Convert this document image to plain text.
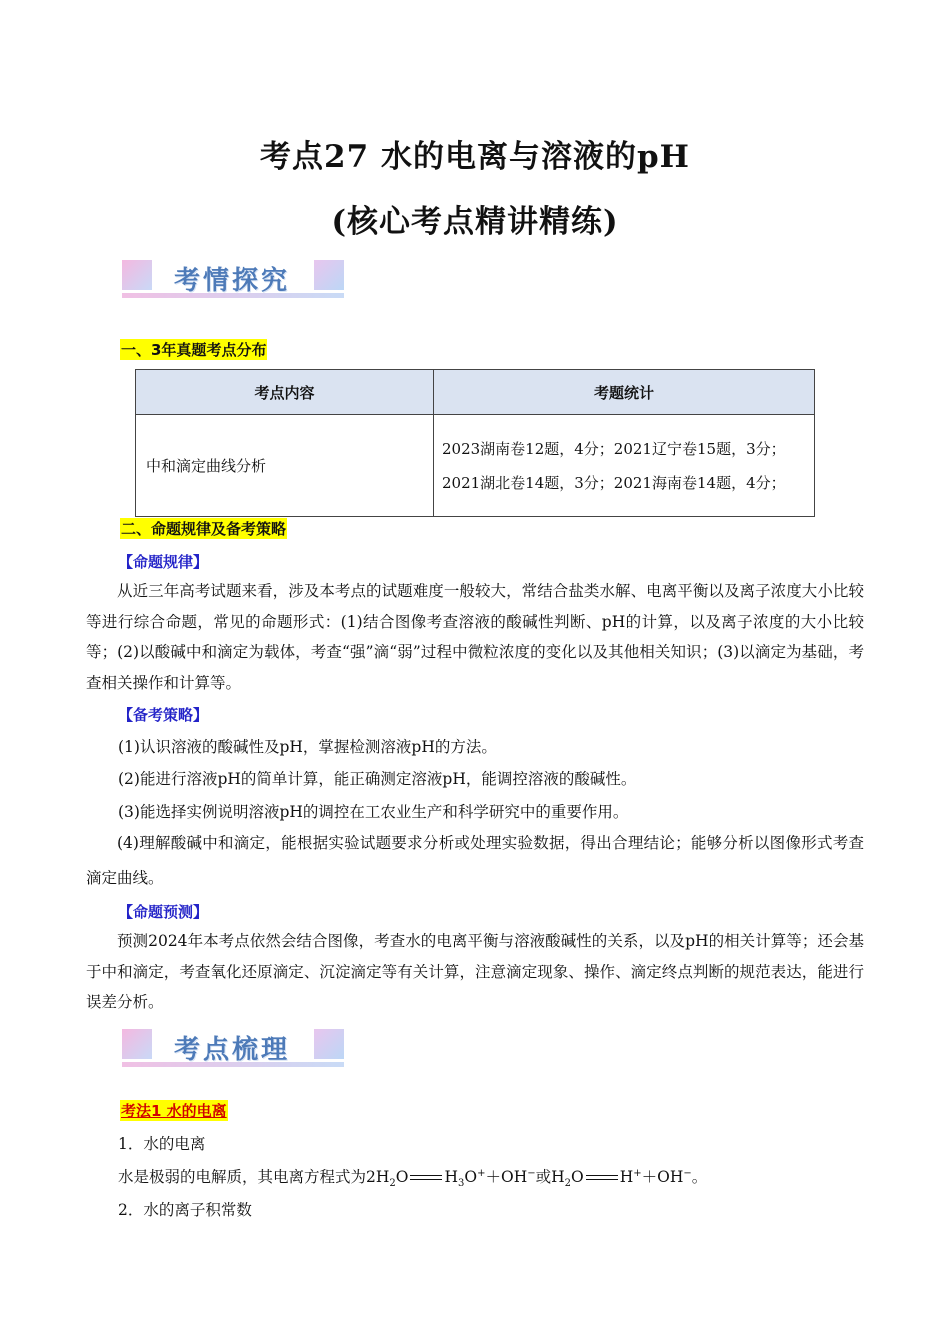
考点27 水的电离与溶液的pH
(核心考点精讲精练)
考情探究
一、3年真题考点分布
考点内容	考题统计
中和滴定曲线分析	2023湖南卷12题，4分；2021辽宁卷15题，3分；2021湖北卷14题，3分；2021海南卷14题，4分；
二、命题规律及备考策略
【命题规律】
从近三年高考试题来看，涉及本考点的试题难度一般较大，常结合盐类水解、电离平衡以及离子浓度大小比较等进行综合命题，常见的命题形式：(1)结合图像考查溶液的酸碱性判断、pH的计算，以及离子浓度的大小比较等；(2)以酸碱中和滴定为载体，考查“强”滴“弱”过程中微粒浓度的变化以及其他相关知识；(3)以滴定为基础，考查相关操作和计算等。
【备考策略】
(1)认识溶液的酸碱性及pH，掌握检测溶液pH的方法。
(2)能进行溶液pH的简单计算，能正确测定溶液pH，能调控溶液的酸碱性。
(3)能选择实例说明溶液pH的调控在工农业生产和科学研究中的重要作用。
(4)理解酸碱中和滴定，能根据实验试题要求分析或处理实验数据，得出合理结论；能够分析以图像形式考查滴定曲线。
【命题预测】
预测2024年本考点依然会结合图像，考查水的电离平衡与溶液酸碱性的关系，以及pH的相关计算等；还会基于中和滴定，考查氧化还原滴定、沉淀滴定等有关计算，注意滴定现象、操作、滴定终点判断的规范表达，能进行误差分析。
考点梳理
考法1 水的电离
1．水的电离
水是极弱的电解质，其电离方程式为$2H_2O$ $H_3O^++OH^-$或$H_2O$ H+＋OH−。
2．水的离子积常数
